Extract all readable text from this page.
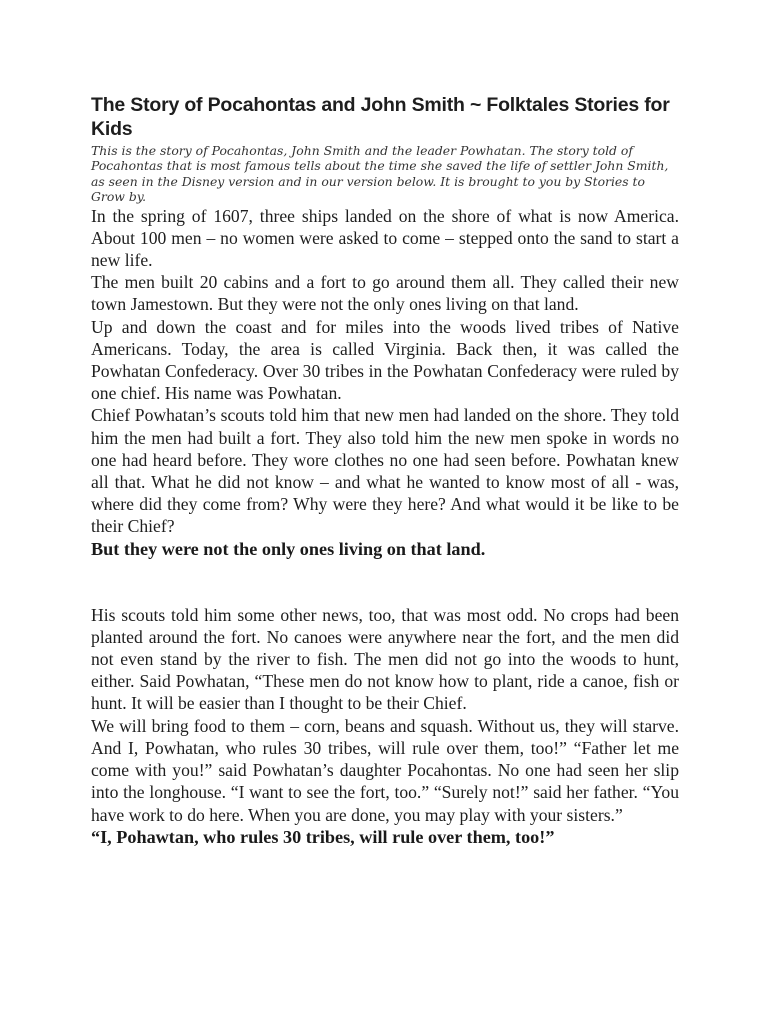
The Story of Pocahontas and John Smith ~ Folktales Stories for Kids

This is the story of Pocahontas, John Smith and the leader Powhatan. The story told of Pocahontas that is most famous tells about the time she saved the life of settler John Smith, as seen in the Disney version and in our version below. It is brought to you by Stories to Grow by.

In the spring of 1607, three ships landed on the shore of what is now America. About 100 men – no women were asked to come – stepped onto the sand to start a new life.

The men built 20 cabins and a fort to go around them all. They called their new town Jamestown. But they were not the only ones living on that land.

Up and down the coast and for miles into the woods lived tribes of Native Americans. Today, the area is called Virginia. Back then, it was called the Powhatan Confederacy. Over 30 tribes in the Powhatan Confederacy were ruled by one chief. His name was Powhatan.

Chief Powhatan’s scouts told him that new men had landed on the shore. They told him the men had built a fort. They also told him the new men spoke in words no one had heard before. They wore clothes no one had seen before. Powhatan knew all that. What he did not know – and what he wanted to know most of all - was, where did they come from? Why were they here? And what would it be like to be their Chief?

But they were not the only ones living on that land.

His scouts told him some other news, too, that was most odd. No crops had been planted around the fort. No canoes were anywhere near the fort, and the men did not even stand by the river to fish. The men did not go into the woods to hunt, either. Said Powhatan, “These men do not know how to plant, ride a canoe, fish or hunt. It will be easier than I thought to be their Chief.

We will bring food to them – corn, beans and squash. Without us, they will starve. And I, Powhatan, who rules 30 tribes, will rule over them, too!” “Father let me come with you!” said Powhatan’s daughter Pocahontas. No one had seen her slip into the longhouse. “I want to see the fort, too.” “Surely not!” said her father. “You have work to do here. When you are done, you may play with your sisters.”

“I, Pohawtan, who rules 30 tribes, will rule over them, too!”
